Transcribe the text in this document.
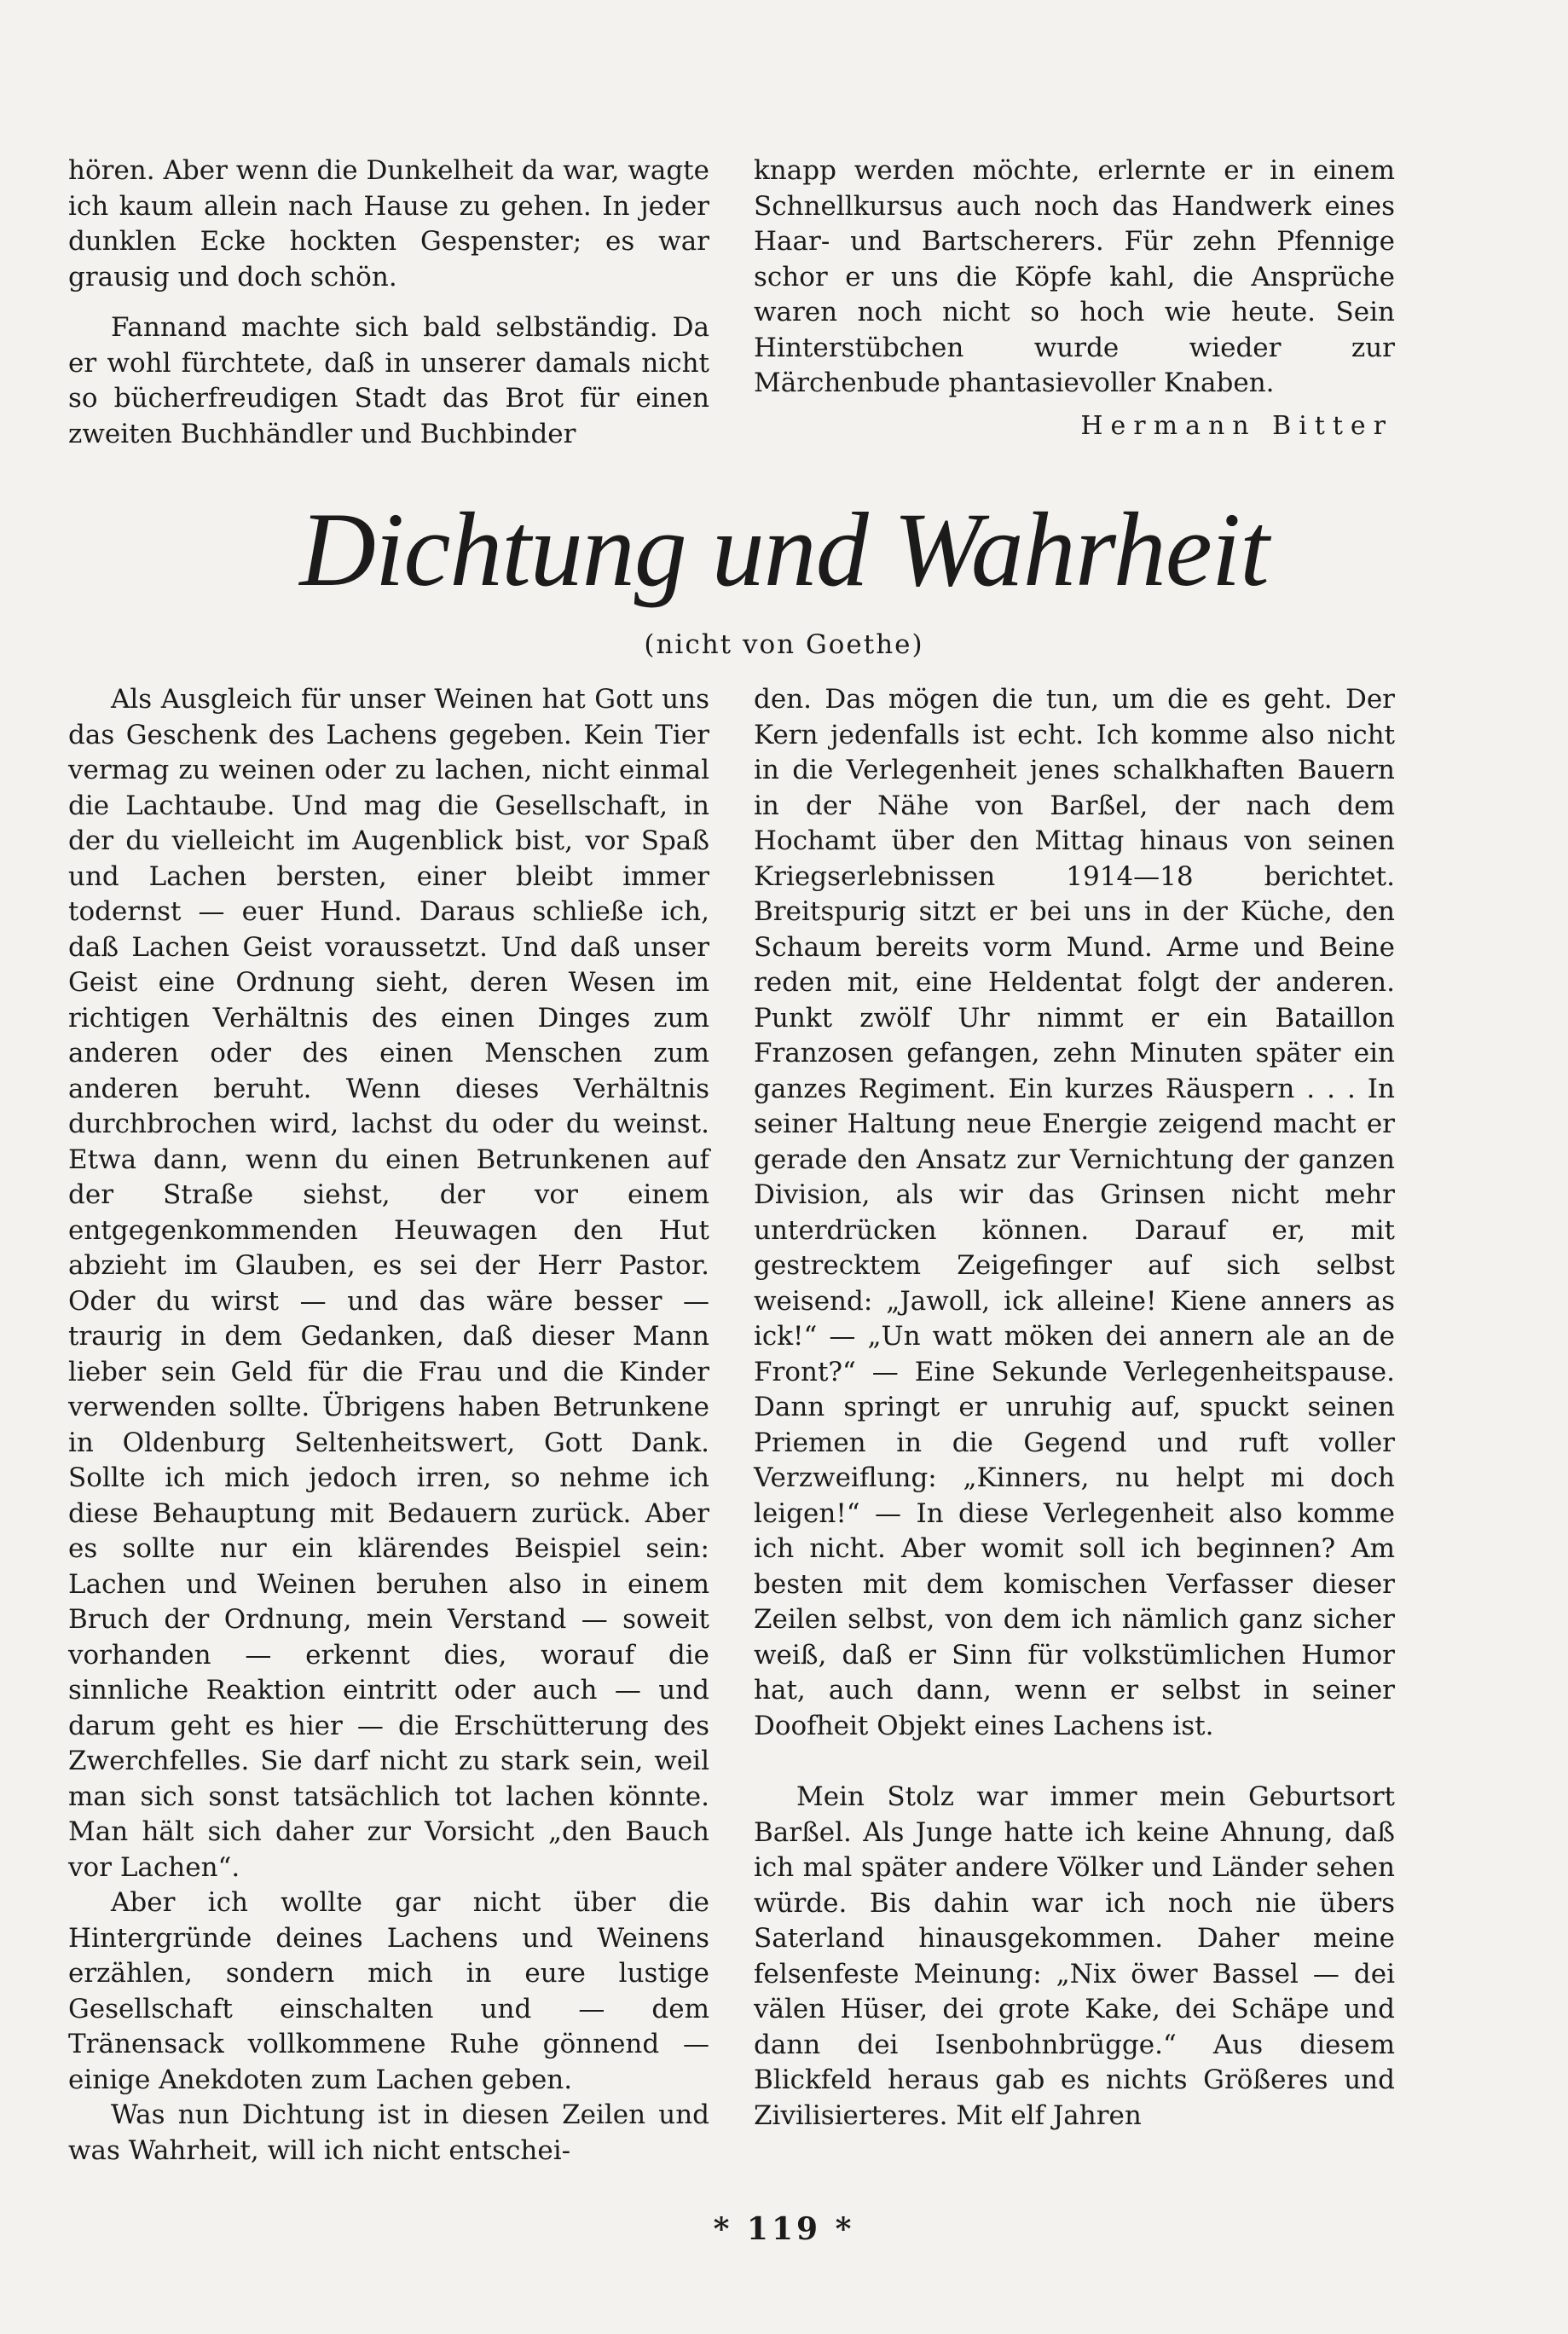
hören. Aber wenn die Dunkelheit da war, wagte ich kaum allein nach Hause zu gehen. In jeder dunklen Ecke hockten Gespenster; es war grausig und doch schön.

Fannand machte sich bald selbständig. Da er wohl fürchtete, daß in unserer damals nicht so bücherfreudigen Stadt das Brot für einen zweiten Buchhändler und Buchbinder

knapp werden möchte, erlernte er in einem Schnellkursus auch noch das Handwerk eines Haar- und Bartscherers. Für zehn Pfennige schor er uns die Köpfe kahl, die Ansprüche waren noch nicht so hoch wie heute. Sein Hinterstübchen wurde wieder zur Märchenbude phantasievoller Knaben.

Hermann Bitter

Dichtung und Wahrheit
(nicht von Goethe)

Als Ausgleich für unser Weinen hat Gott uns das Geschenk des Lachens gegeben. Kein Tier vermag zu weinen oder zu lachen, nicht einmal die Lachtaube. Und mag die Gesellschaft, in der du vielleicht im Augenblick bist, vor Spaß und Lachen bersten, einer bleibt immer todernst — euer Hund. Daraus schließe ich, daß Lachen Geist voraussetzt. Und daß unser Geist eine Ordnung sieht, deren Wesen im richtigen Verhältnis des einen Dinges zum anderen oder des einen Menschen zum anderen beruht. Wenn dieses Verhältnis durchbrochen wird, lachst du oder du weinst. Etwa dann, wenn du einen Betrunkenen auf der Straße siehst, der vor einem entgegenkommenden Heuwagen den Hut abzieht im Glauben, es sei der Herr Pastor. Oder du wirst — und das wäre besser — traurig in dem Gedanken, daß dieser Mann lieber sein Geld für die Frau und die Kinder verwenden sollte. Übrigens haben Betrunkene in Oldenburg Seltenheitswert, Gott Dank. Sollte ich mich jedoch irren, so nehme ich diese Behauptung mit Bedauern zurück. Aber es sollte nur ein klärendes Beispiel sein: Lachen und Weinen beruhen also in einem Bruch der Ordnung, mein Verstand — soweit vorhanden — erkennt dies, worauf die sinnliche Reaktion eintritt oder auch — und darum geht es hier — die Erschütterung des Zwerchfelles. Sie darf nicht zu stark sein, weil man sich sonst tatsächlich tot lachen könnte. Man hält sich daher zur Vorsicht „den Bauch vor Lachen“.

Aber ich wollte gar nicht über die Hintergründe deines Lachens und Weinens erzählen, sondern mich in eure lustige Gesellschaft einschalten und — dem Tränensack vollkommene Ruhe gönnend — einige Anekdoten zum Lachen geben.

Was nun Dichtung ist in diesen Zeilen und was Wahrheit, will ich nicht entschei-

den. Das mögen die tun, um die es geht. Der Kern jedenfalls ist echt. Ich komme also nicht in die Verlegenheit jenes schalkhaften Bauern in der Nähe von Barßel, der nach dem Hochamt über den Mittag hinaus von seinen Kriegserlebnissen 1914—18 berichtet. Breitspurig sitzt er bei uns in der Küche, den Schaum bereits vorm Mund. Arme und Beine reden mit, eine Heldentat folgt der anderen. Punkt zwölf Uhr nimmt er ein Bataillon Franzosen gefangen, zehn Minuten später ein ganzes Regiment. Ein kurzes Räuspern . . . In seiner Haltung neue Energie zeigend macht er gerade den Ansatz zur Vernichtung der ganzen Division, als wir das Grinsen nicht mehr unterdrücken können. Darauf er, mit gestrecktem Zeigefinger auf sich selbst weisend: „Jawoll, ick alleine! Kiene anners as ick!“ — „Un watt möken dei annern ale an de Front?“ — Eine Sekunde Verlegenheitspause. Dann springt er unruhig auf, spuckt seinen Priemen in die Gegend und ruft voller Verzweiflung: „Kinners, nu helpt mi doch leigen!“ — In diese Verlegenheit also komme ich nicht. Aber womit soll ich beginnen? Am besten mit dem komischen Verfasser dieser Zeilen selbst, von dem ich nämlich ganz sicher weiß, daß er Sinn für volkstümlichen Humor hat, auch dann, wenn er selbst in seiner Doofheit Objekt eines Lachens ist.

Mein Stolz war immer mein Geburtsort Barßel. Als Junge hatte ich keine Ahnung, daß ich mal später andere Völker und Länder sehen würde. Bis dahin war ich noch nie übers Saterland hinausgekommen. Daher meine felsenfeste Meinung: „Nix öwer Bassel — dei välen Hüser, dei grote Kake, dei Schäpe und dann dei Isenbohnbrügge.“ Aus diesem Blickfeld heraus gab es nichts Größeres und Zivilisierteres. Mit elf Jahren

* 119 *
